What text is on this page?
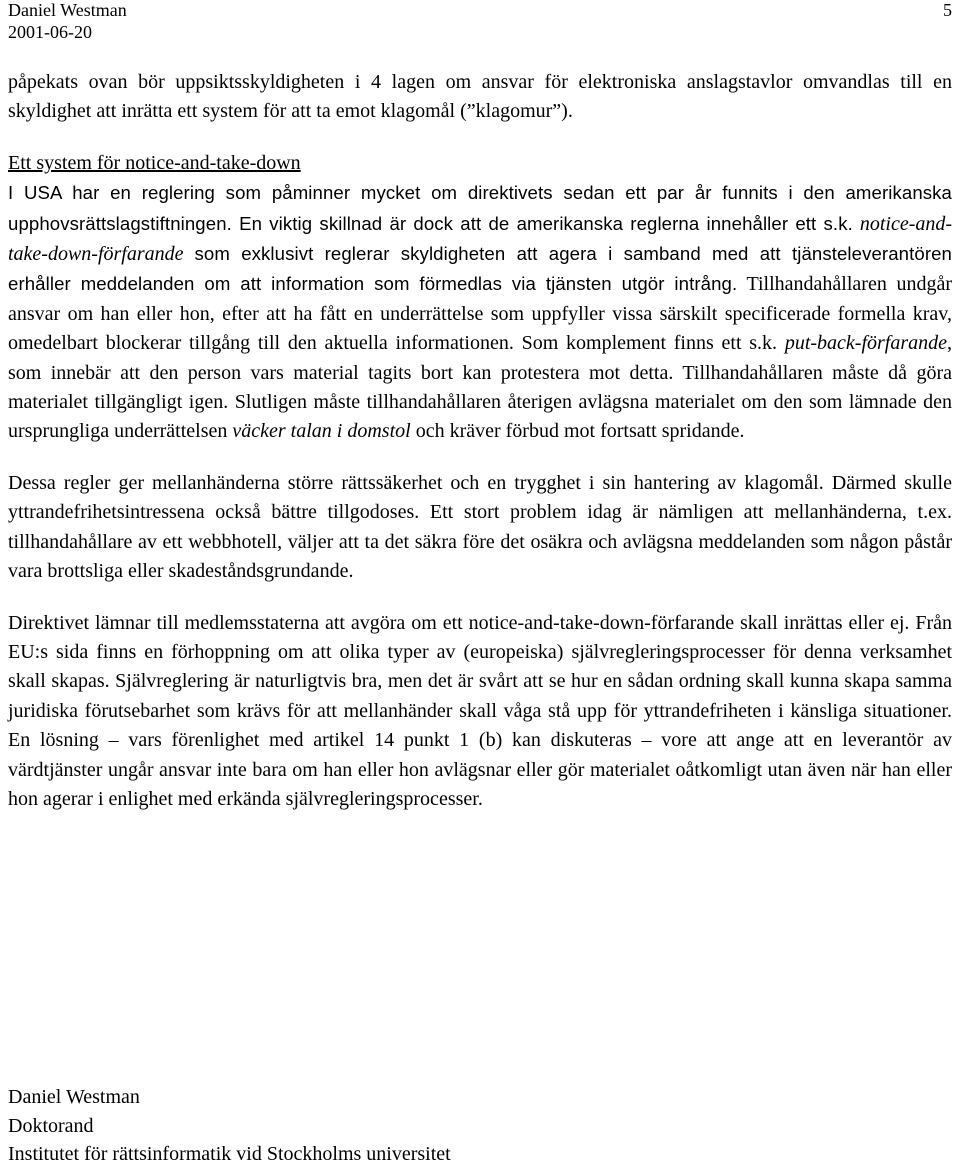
Daniel Westman
2001-06-20
5

påpekats ovan bör uppsiktsskyldigheten i 4 lagen om ansvar för elektroniska anslagstavlor omvandlas till en skyldighet att inrätta ett system för att ta emot klagomål (”klagomur”).

Ett system för notice-and-take-down
I USA har en reglering som påminner mycket om direktivets sedan ett par år funnits i den amerikanska upphovsrättslagstiftningen. En viktig skillnad är dock att de amerikanska reglerna innehåller ett s.k. notice-and-take-down-förfarande som exklusivt reglerar skyldigheten att agera i samband med att tjänsteleverantören erhåller meddelanden om att information som förmedlas via tjänsten utgör intrång. Tillhandahållaren undgår ansvar om han eller hon, efter att ha fått en underrättelse som uppfyller vissa särskilt specificerade formella krav, omedelbart blockerar tillgång till den aktuella informationen. Som komplement finns ett s.k. put-back-förfarande, som innebär att den person vars material tagits bort kan protestera mot detta. Tillhandahållaren måste då göra materialet tillgängligt igen. Slutligen måste tillhandahållaren återigen avlägsna materialet om den som lämnade den ursprungliga underrättelsen väcker talan i domstol och kräver förbud mot fortsatt spridande.

Dessa regler ger mellanhänderna större rättssäkerhet och en trygghet i sin hantering av klagomål. Därmed skulle yttrandefrihetsintressena också bättre tillgodoses. Ett stort problem idag är nämligen att mellanhänderna, t.ex. tillhandahållare av ett webbhotell, väljer att ta det säkra före det osäkra och avlägsna meddelanden som någon påstår vara brottsliga eller skadeståndsgrundande.

Direktivet lämnar till medlemsstaterna att avgöra om ett notice-and-take-down-förfarande skall inrättas eller ej. Från EU:s sida finns en förhoppning om att olika typer av (europeiska) självregleringsprocesser för denna verksamhet skall skapas. Självreglering är naturligtvis bra, men det är svårt att se hur en sådan ordning skall kunna skapa samma juridiska förutsebarhet som krävs för att mellanhänder skall våga stå upp för yttrandefriheten i känsliga situationer. En lösning – vars förenlighet med artikel 14 punkt 1 (b) kan diskuteras – vore att ange att en leverantör av värdtjänster ungår ansvar inte bara om han eller hon avlägsnar eller gör materialet oåtkomligt utan även när han eller hon agerar i enlighet med erkända självregleringsprocesser.

Daniel Westman
Doktorand
Institutet för rättsinformatik vid Stockholms universitet
